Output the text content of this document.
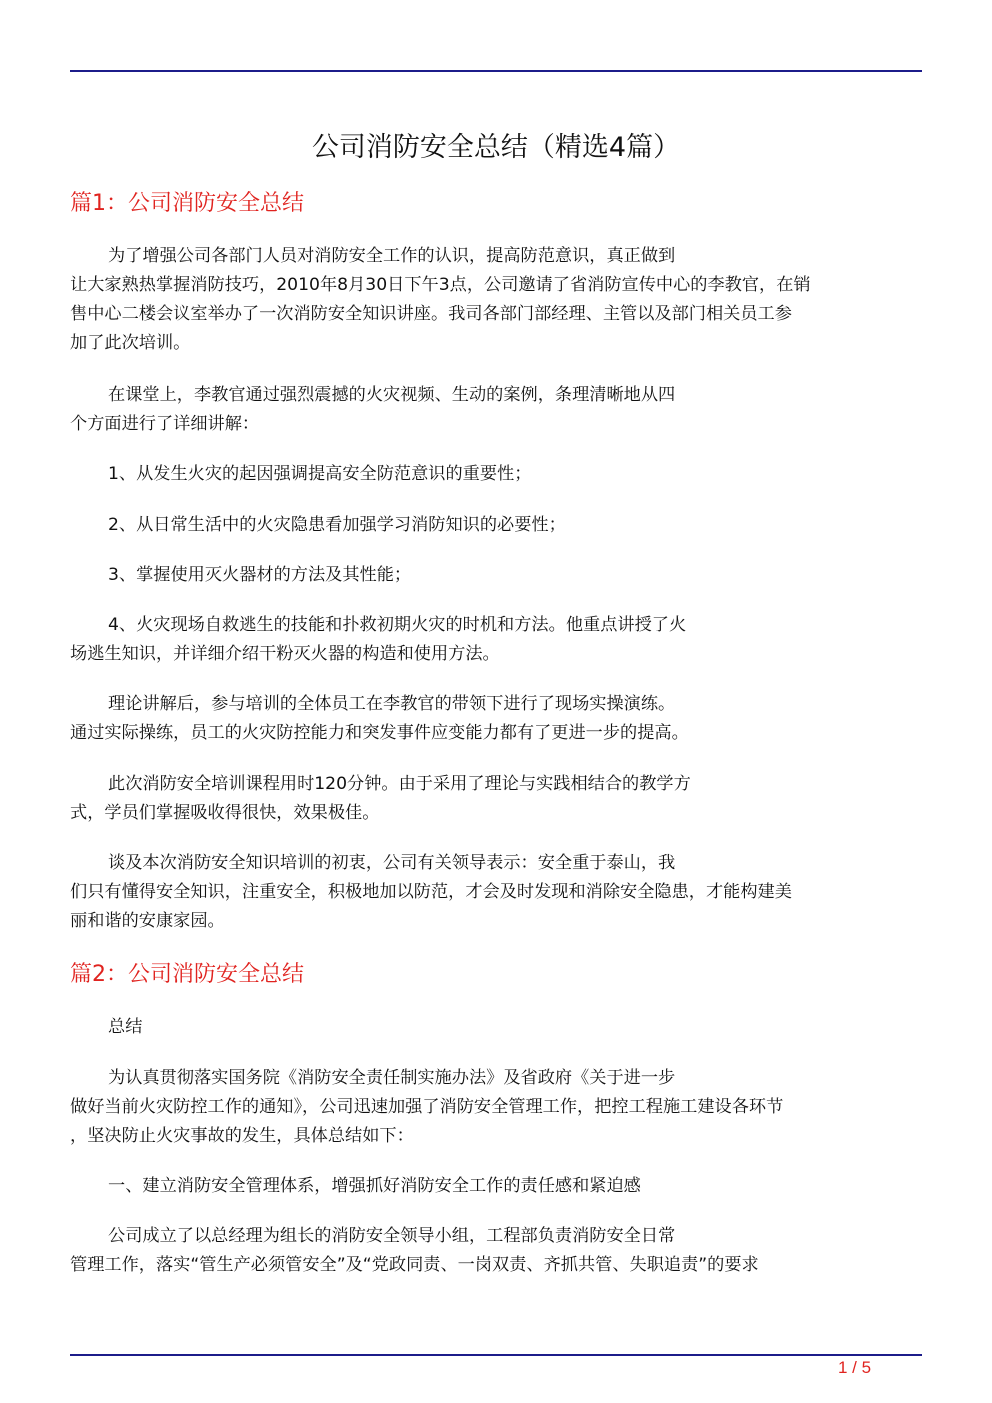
公司消防安全总结（精选4篇）
篇1：公司消防安全总结
为了增强公司各部门人员对消防安全工作的认识，提高防范意识，真正做到
让大家熟热掌握消防技巧，2010年8月30日下午3点，公司邀请了省消防宣传中心的李教官，在销
售中心二楼会议室举办了一次消防安全知识讲座。我司各部门部经理、主管以及部门相关员工参
加了此次培训。
在课堂上，李教官通过强烈震撼的火灾视频、生动的案例，条理清晰地从四
个方面进行了详细讲解：
1、从发生火灾的起因强调提高安全防范意识的重要性；
2、从日常生活中的火灾隐患看加强学习消防知识的必要性；
3、掌握使用灭火器材的方法及其性能；
4、火灾现场自救逃生的技能和扑救初期火灾的时机和方法。他重点讲授了火
场逃生知识，并详细介绍干粉灭火器的构造和使用方法。
理论讲解后，参与培训的全体员工在李教官的带领下进行了现场实操演练。
通过实际操练，员工的火灾防控能力和突发事件应变能力都有了更进一步的提高。
此次消防安全培训课程用时120分钟。由于采用了理论与实践相结合的教学方
式，学员们掌握吸收得很快，效果极佳。
谈及本次消防安全知识培训的初衷，公司有关领导表示：安全重于泰山，我
们只有懂得安全知识，注重安全，积极地加以防范，才会及时发现和消除安全隐患，才能构建美
丽和谐的安康家园。
篇2：公司消防安全总结
总结
为认真贯彻落实国务院《消防安全责任制实施办法》及省政府《关于进一步
做好当前火灾防控工作的通知》，公司迅速加强了消防安全管理工作，把控工程施工建设各环节
，坚决防止火灾事故的发生，具体总结如下：
一、建立消防安全管理体系，增强抓好消防安全工作的责任感和紧迫感
公司成立了以总经理为组长的消防安全领导小组，工程部负责消防安全日常
管理工作，落实“管生产必须管安全”及“党政同责、一岗双责、齐抓共管、失职追责”的要求
1 / 5
